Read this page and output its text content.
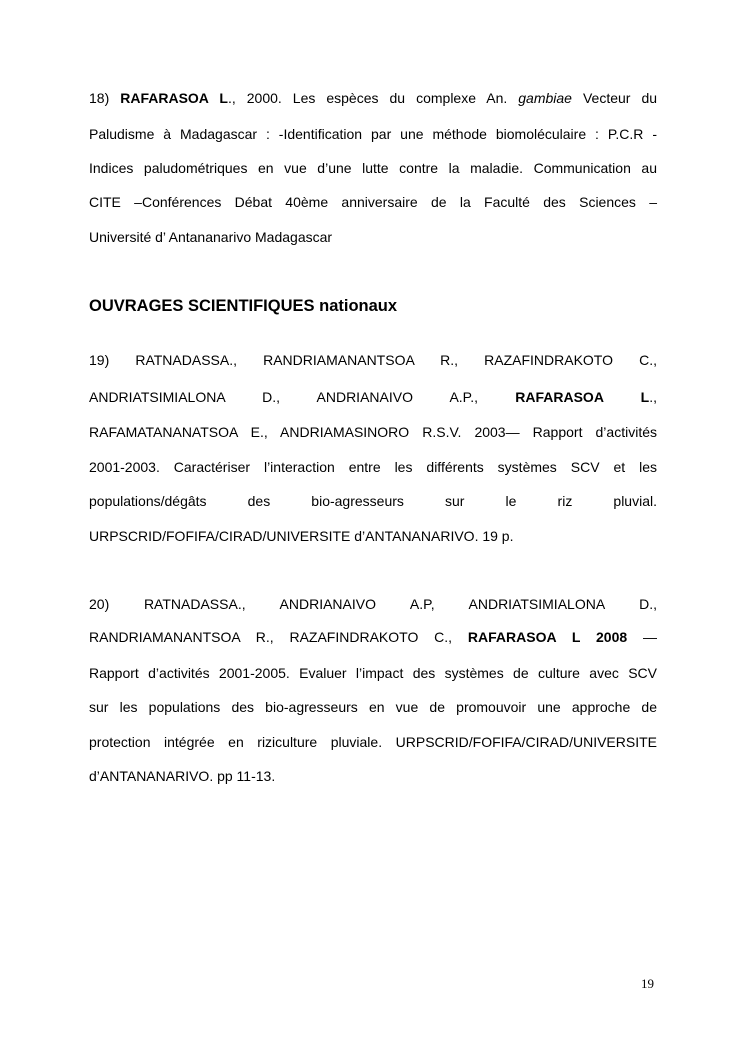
18) RAFARASOA L., 2000. Les espèces du complexe An. gambiae Vecteur du
Paludisme à Madagascar : -Identification par une méthode biomoléculaire : P.C.R -
Indices paludométriques en vue d’une lutte contre la maladie. Communication au
CITE –Conférences Débat 40ème anniversaire de la Faculté des Sciences –
Université d’ Antananarivo Madagascar
OUVRAGES SCIENTIFIQUES nationaux
19) RATNADASSA., RANDRIAMANANTSOA R., RAZAFINDRAKOTO C.,
ANDRIATSIMIALONA D., ANDRIANAIVO A.P.,	RAFARASOA L.,
RAFAMATANANATSOA E., ANDRIAMASINORO R.S.V. 2003— Rapport d’activités
2001-2003. Caractériser l’interaction entre les différents systèmes SCV et les
populations/dégâts des bio-agresseurs sur le riz pluvial.
URPSCRID/FOFIFA/CIRAD/UNIVERSITE d’ANTANANARIVO. 19 p.
20) RATNADASSA., ANDRIANAIVO A.P, ANDRIATSIMIALONA D.,
RANDRIAMANANTSOA R., RAZAFINDRAKOTO C., RAFARASOA L 2008 —
Rapport d’activités 2001-2005. Evaluer l’impact des systèmes de culture avec SCV
sur les populations des bio-agresseurs en vue de promouvoir une approche de
protection intégrée en riziculture pluviale. URPSCRID/FOFIFA/CIRAD/UNIVERSITE
d’ANTANANARIVO. pp 11-13.
19
